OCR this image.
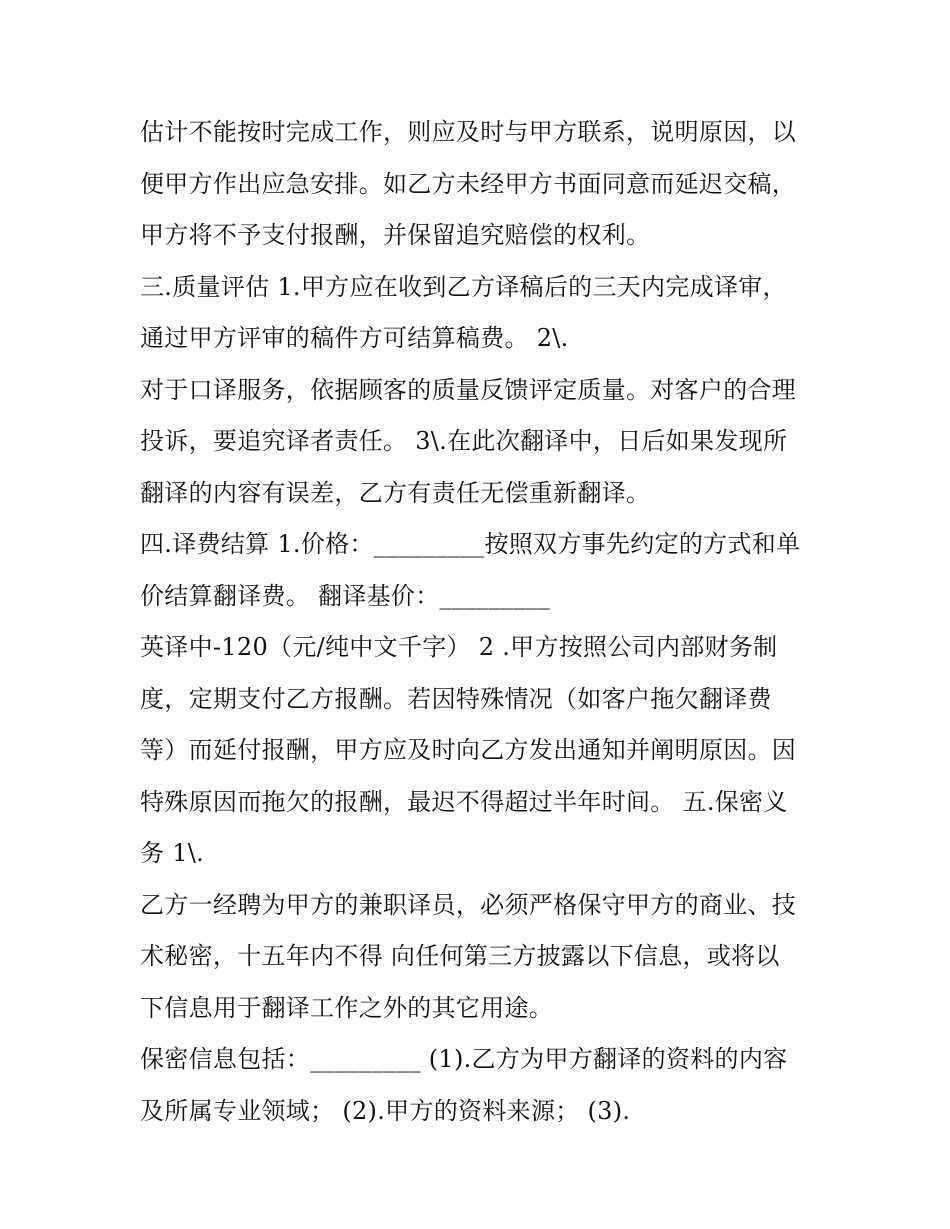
估计不能按时完成工作，则应及时与甲方联系，说明原因，以
便甲方作出应急安排。如乙方未经甲方书面同意而延迟交稿，
甲方将不予支付报酬，并保留追究赔偿的权利。
三.质量评估 1.甲方应在收到乙方译稿后的三天内完成译审，
通过甲方评审的稿件方可结算稿费。 2\.
对于口译服务，依据顾客的质量反馈评定质量。对客户的合理
投诉，要追究译者责任。 3\.在此次翻译中，日后如果发现所
翻译的内容有误差，乙方有责任无偿重新翻译。
四.译费结算 1.价格：_________按照双方事先约定的方式和单
价结算翻译费。 翻译基价：_________
英译中-120（元/纯中文千字） 2 .甲方按照公司内部财务制
度，定期支付乙方报酬。若因特殊情况（如客户拖欠翻译费
等）而延付报酬，甲方应及时向乙方发出通知并阐明原因。因
特殊原因而拖欠的报酬，最迟不得超过半年时间。 五.保密义
务 1\.
乙方一经聘为甲方的兼职译员，必须严格保守甲方的商业、技
术秘密，十五年内不得 向任何第三方披露以下信息，或将以
下信息用于翻译工作之外的其它用途。
保密信息包括：_________ (1).乙方为甲方翻译的资料的内容
及所属专业领域； (2).甲方的资料来源； (3).
